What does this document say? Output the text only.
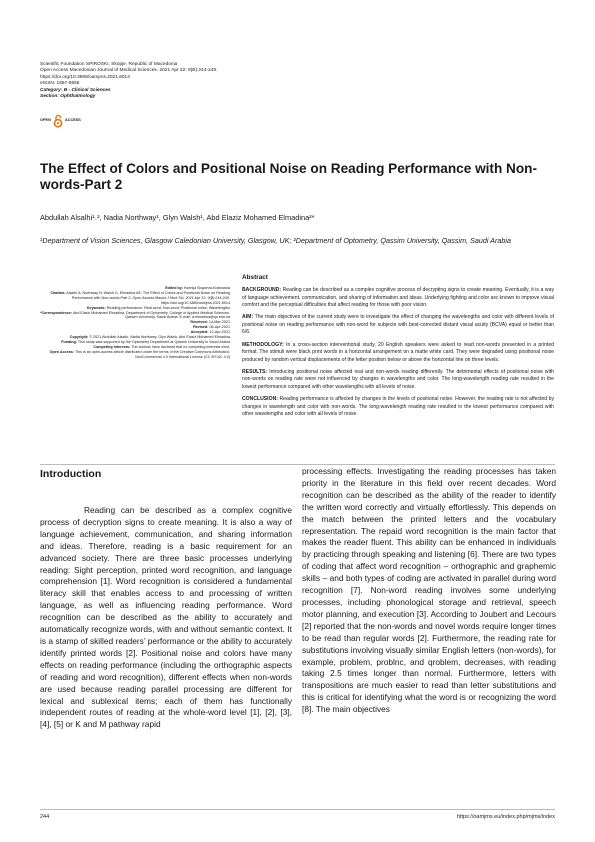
Scientific Foundation SPIROSKI, Skopje, Republic of Macedonia
Open Access Macedonian Journal of Medical Sciences. 2021 Apr 22; 9(B):244-249.
https://doi.org/10.3889/oamjms.2021.6014
eISSN: 1857-9655
Category: B - Clinical Sciences
Section: Ophthalmology
OPEN	ACCESS
The Effect of Colors and Positional Noise on Reading Performance with Non-words-Part 2
Abdullah Alsalhi¹˒², Nadia Northway¹, Glyn Walsh¹, Abd Elaziz Mohamed Elmadina²*
¹Department of Vision Sciences, Glasgow Caledonian University, Glasgow, UK; ²Department of Optometry, Qassim University, Qassim, Saudi Arabia
Edited by: Ksenija Bogoeva-Kostovska
Citation: Alsalhi A, Northway N, Walsh G, Elmadina AE. The Effect of Colors and Positional Noise on Reading Performance with Non-words-Part 2. Open Access Maced J Med Sci. 2021 Apr 22; 9(B):244-249. https://doi.org/10.3889/oamjms.2021.6014
Keywords: Reading performance; Real word; Non-word; Positional noise; Wavelengths
*Correspondence: Abd Elaziz Mohamed Elmadina, Department of Optometry, College of Applied Medical Sciences, Qassim University, Saudi Arabia. E-mail: a.elmadina@qu.edu.sa
Received: 14-Mar-2021
Revised: 06-Apr-2021
Accepted: 12-Apr-2021
Copyright: © 2021 Abdullah Alsalhi, Nadia Northway, Glyn Walsh, Abd Elaziz Mohamed Elmadina
Funding: This study was supported by the Optometry Department at Qassim University in Saudi Arabia
Competing Interests: The authors have declared that no competing interests exist.
Open Access: This is an open-access article distributed under the terms of the Creative Commons Attribution-NonCommercial 4.0 International License (CC BY-NC 4.0)
Abstract

BACKGROUND: Reading can be described as a complex cognitive process of decrypting signs to create meaning. Eventually, it is a way of language achievement, communication, and sharing of information and ideas. Underlying fighting and color are known to improve visual comfort and the perceptual difficulties that affect reading for those with poor vision.

AIM: The main objectives of the current study were to investigate the effect of changing the wavelengths and color with different levels of positional noise on reading performance with non-word for subjects with best-corrected distant visual acuity (BCVA) equal or better than 6/6.

METHODOLOGY: In a cross-section interventional study, 20 English speakers were asked to read non-words presented in a printed format. The stimuli were black print words in a horizontal arrangement on a matte white card. They were degraded using positional noise produced by random vertical displacements of the letter position below or above the horizontal line on three levels.

RESULTS: Introducing positional noise affected real and non-words reading differently. The detrimental effects of positional noise with non-words on reading rate were not influenced by changes in wavelengths and color. The long-wavelength reading rate resulted in the lowest performance compared with other wavelengths with all levels of noise.

CONCLUSION: Reading performance is affected by changes in the levels of positional noise. However, the reading rate is not affected by changes in wavelength and color with non-words. The long-wavelength reading rate resulted in the lowest performance compared with other wavelengths and color with all levels of noise.

Introduction

Reading can be described as a complex cognitive process of decryption signs to create meaning. It is also a way of language achievement, communication, and sharing information and ideas. Therefore, reading is a basic requirement for an advanced society. There are three basic processes underlying reading: Sight perception, printed word recognition, and language comprehension [1]. Word recognition is considered a fundamental literacy skill that enables access to and processing of written language, as well as influencing reading performance. Word recognition can be described as the ability to accurately and automatically recognize words, with and without semantic context. It is a stamp of skilled readers’ performance or the ability to accurately identify printed words [2]. Positional noise and colors have many effects on reading performance (including the orthographic aspects of reading and word recognition), different effects when non-words are used because reading parallel processing are different for lexical and sublexical items; each of them has functionally independent routes of reading at the whole-word level [1], [2], [3], [4], [5] or K and M pathway rapid

processing effects. Investigating the reading processes has taken priority in the literature in this field over recent decades. Word recognition can be described as the ability of the reader to identify the written word correctly and virtually effortlessly. This depends on the match between the printed letters and the vocabulary representation. The repaid word recognition is the main factor that makes the reader fluent. This ability can be enhanced in individuals by practicing through speaking and listening [6]. There are two types of coding that affect word recognition – orthographic and graphemic skills – and both types of coding are activated in parallel during word recognition [7]. Non-word reading involves some underlying processes, including phonological storage and retrieval, speech motor planning, and execution [3]. According to Joubert and Lecours [2] reported that the non-words and novel words require longer times to be read than regular words [2]. Furthermore, the reading rate for substitutions involving visually similar English letters (non-words), for example, problem, problnc, and qroblem, decreases, with reading taking 2.5 times longer than normal. Furthermore, letters with transpositions are much easier to read than letter substitutions and this is critical for identifying what the word is or recognizing the word [8]. The main objectives

244	https://oamjms.eu/index.php/mjms/index
